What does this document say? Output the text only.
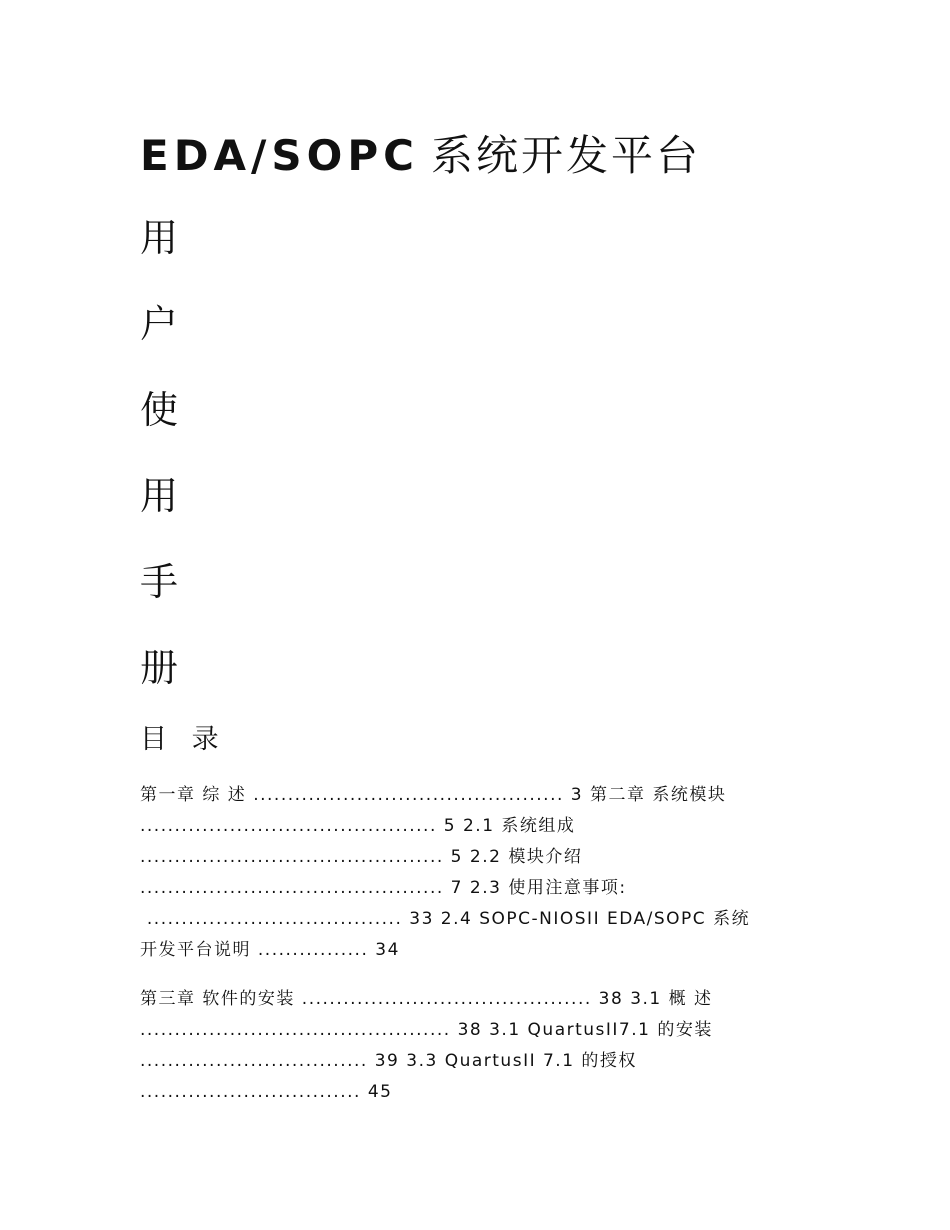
EDA/SOPC 系统开发平台
用
户
使
用
手
册
目 录
第一章 综 述 ............................................. 3 第二章 系统模块
........................................... 5 2.1 系统组成
............................................ 5 2.2 模块介绍
............................................ 7 2.3 使用注意事项:
..................................... 33 2.4 SOPC-NIOSII EDA/SOPC 系统
开发平台说明 ................ 34
第三章 软件的安装 .......................................... 38 3.1 概 述
............................................. 38 3.1 QuartusII7.1 的安装
................................. 39 3.3 QuartusII 7.1 的授权
................................ 45
